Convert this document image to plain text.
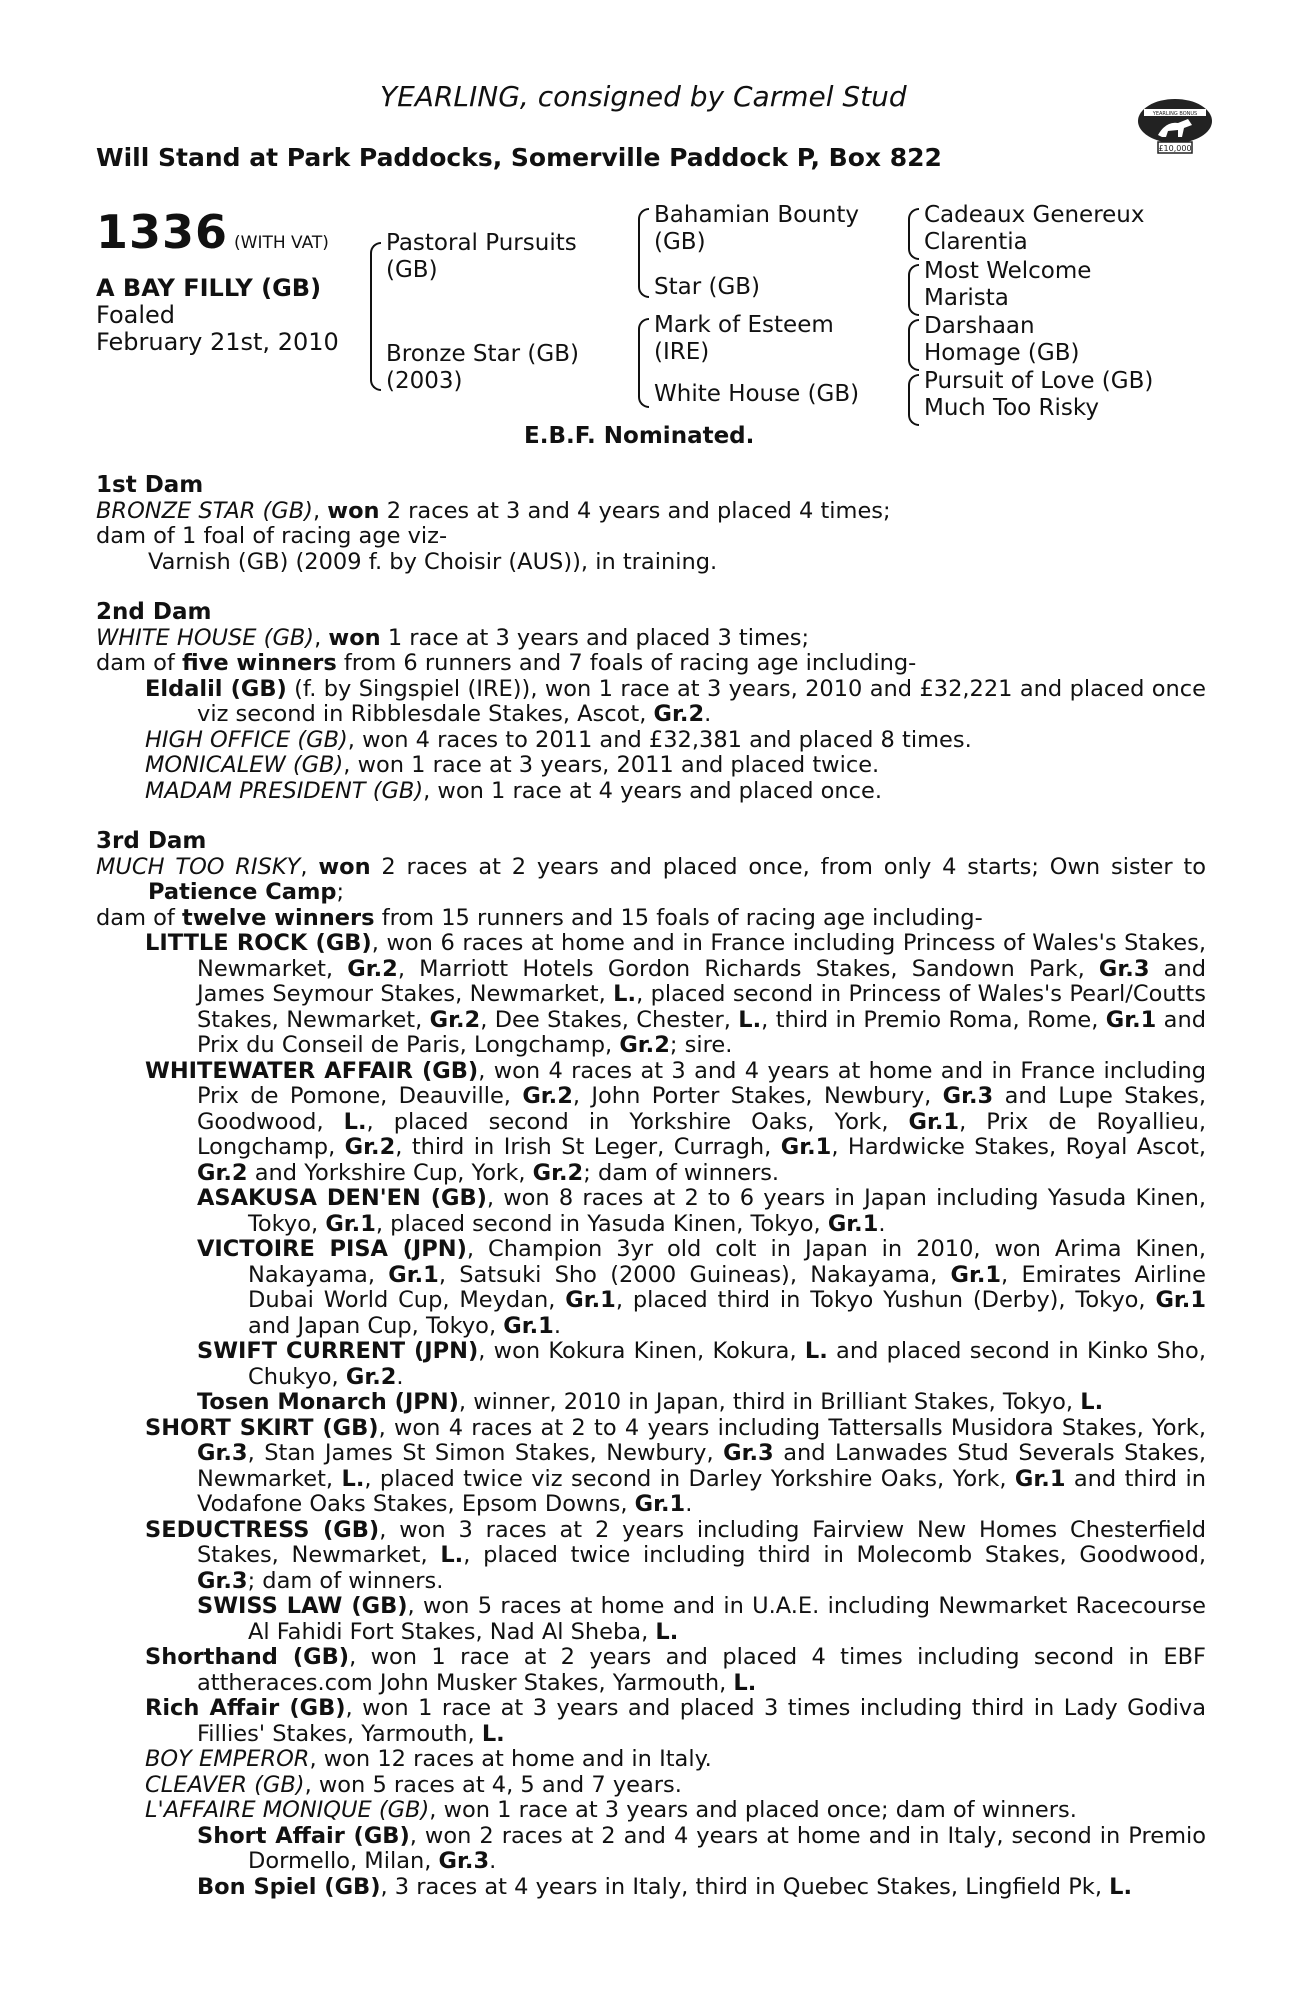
YEARLING, consigned by Carmel Stud
Will Stand at Park Paddocks, Somerville Paddock P, Box 822	£10,000
YEARLING BONUS
1336 (WITH VAT)
A BAY FILLY (GB)
Foaled
February 21st, 2010
Pastoral Pursuits
(GB)
Bronze Star (GB)
(2003)
Bahamian Bounty
(GB)
Star (GB)
Mark of Esteem
(IRE)
White House (GB)
Cadeaux Genereux
Clarentia
Most Welcome
Marista
Darshaan
Homage (GB)
Pursuit of Love (GB)
Much Too Risky
E.B.F. Nominated.
1st Dam

BRONZE STAR (GB), won 2 races at 3 and 4 years and placed 4 times;

dam of 1 foal of racing age viz-

Varnish (GB) (2009 f. by Choisir (AUS)), in training.

2nd Dam

WHITE HOUSE (GB), won 1 race at 3 years and placed 3 times;

dam of five winners from 6 runners and 7 foals of racing age including-

Eldalil (GB) (f. by Singspiel (IRE)), won 1 race at 3 years, 2010 and £32,221 and placed once viz second in Ribblesdale Stakes, Ascot, Gr.2.

HIGH OFFICE (GB), won 4 races to 2011 and £32,381 and placed 8 times.

MONICALEW (GB), won 1 race at 3 years, 2011 and placed twice.

MADAM PRESIDENT (GB), won 1 race at 4 years and placed once.

3rd Dam

MUCH TOO RISKY, won 2 races at 2 years and placed once, from only 4 starts; Own sister to Patience Camp;

dam of twelve winners from 15 runners and 15 foals of racing age including-

LITTLE ROCK (GB), won 6 races at home and in France including Princess of Wales's Stakes, Newmarket, Gr.2, Marriott Hotels Gordon Richards Stakes, Sandown Park, Gr.3 and James Seymour Stakes, Newmarket, L., placed second in Princess of Wales's Pearl/Coutts Stakes, Newmarket, Gr.2, Dee Stakes, Chester, L., third in Premio Roma, Rome, Gr.1 and Prix du Conseil de Paris, Longchamp, Gr.2; sire.

WHITEWATER AFFAIR (GB), won 4 races at 3 and 4 years at home and in France including Prix de Pomone, Deauville, Gr.2, John Porter Stakes, Newbury, Gr.3 and Lupe Stakes, Goodwood, L., placed second in Yorkshire Oaks, York, Gr.1, Prix de Royallieu, Longchamp, Gr.2, third in Irish St Leger, Curragh, Gr.1, Hardwicke Stakes, Royal Ascot, Gr.2 and Yorkshire Cup, York, Gr.2; dam of winners.

ASAKUSA DEN'EN (GB), won 8 races at 2 to 6 years in Japan including Yasuda Kinen, Tokyo, Gr.1, placed second in Yasuda Kinen, Tokyo, Gr.1.

VICTOIRE PISA (JPN), Champion 3yr old colt in Japan in 2010, won Arima Kinen, Nakayama, Gr.1, Satsuki Sho (2000 Guineas), Nakayama, Gr.1, Emirates Airline Dubai World Cup, Meydan, Gr.1, placed third in Tokyo Yushun (Derby), Tokyo, Gr.1 and Japan Cup, Tokyo, Gr.1.

SWIFT CURRENT (JPN), won Kokura Kinen, Kokura, L. and placed second in Kinko Sho, Chukyo, Gr.2.

Tosen Monarch (JPN), winner, 2010 in Japan, third in Brilliant Stakes, Tokyo, L.

SHORT SKIRT (GB), won 4 races at 2 to 4 years including Tattersalls Musidora Stakes, York, Gr.3, Stan James St Simon Stakes, Newbury, Gr.3 and Lanwades Stud Severals Stakes, Newmarket, L., placed twice viz second in Darley Yorkshire Oaks, York, Gr.1 and third in Vodafone Oaks Stakes, Epsom Downs, Gr.1.

SEDUCTRESS (GB), won 3 races at 2 years including Fairview New Homes Chesterfield Stakes, Newmarket, L., placed twice including third in Molecomb Stakes, Goodwood, Gr.3; dam of winners.

SWISS LAW (GB), won 5 races at home and in U.A.E. including Newmarket Racecourse Al Fahidi Fort Stakes, Nad Al Sheba, L.

Shorthand (GB), won 1 race at 2 years and placed 4 times including second in EBF attheraces.com John Musker Stakes, Yarmouth, L.

Rich Affair (GB), won 1 race at 3 years and placed 3 times including third in Lady Godiva Fillies' Stakes, Yarmouth, L.

BOY EMPEROR, won 12 races at home and in Italy.

CLEAVER (GB), won 5 races at 4, 5 and 7 years.

L'AFFAIRE MONIQUE (GB), won 1 race at 3 years and placed once; dam of winners.

Short Affair (GB), won 2 races at 2 and 4 years at home and in Italy, second in Premio Dormello, Milan, Gr.3.

Bon Spiel (GB), 3 races at 4 years in Italy, third in Quebec Stakes, Lingfield Pk, L.
